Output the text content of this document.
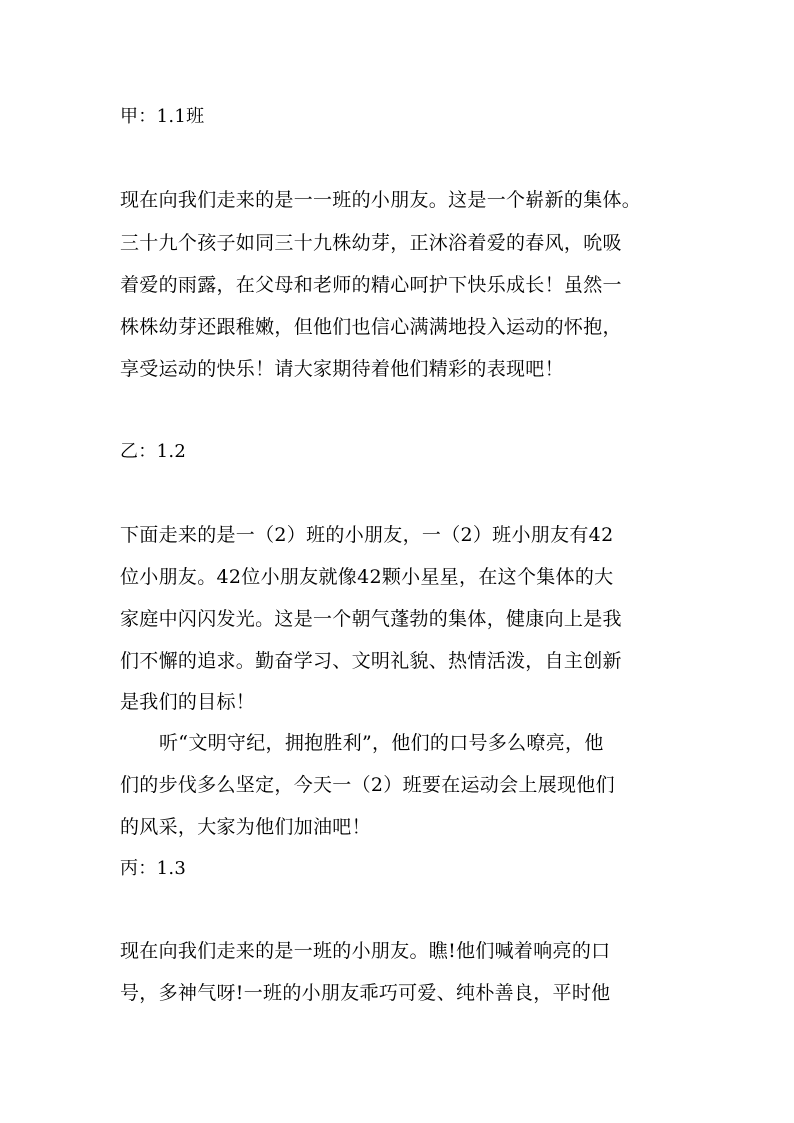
甲：1.1班
现在向我们走来的是一一班的小朋友。这是一个崭新的集体。
三十九个孩子如同三十九株幼芽，正沐浴着爱的春风，吮吸
着爱的雨露，在父母和老师的精心呵护下快乐成长！虽然一
株株幼芽还跟稚嫩，但他们也信心满满地投入运动的怀抱，
享受运动的快乐！请大家期待着他们精彩的表现吧！
乙：1.2
下面走来的是一（2）班的小朋友，一（2）班小朋友有42
位小朋友。42位小朋友就像42颗小星星，在这个集体的大
家庭中闪闪发光。这是一个朝气蓬勃的集体，健康向上是我
们不懈的追求。勤奋学习、文明礼貌、热情活泼，自主创新
是我们的目标！
听“文明守纪，拥抱胜利”，他们的口号多么嘹亮，他
们的步伐多么坚定，今天一（2）班要在运动会上展现他们
的风采，大家为他们加油吧！
丙：1.3
现在向我们走来的是一班的小朋友。瞧!他们喊着响亮的口
号，多神气呀!一班的小朋友乖巧可爱、纯朴善良，平时他
